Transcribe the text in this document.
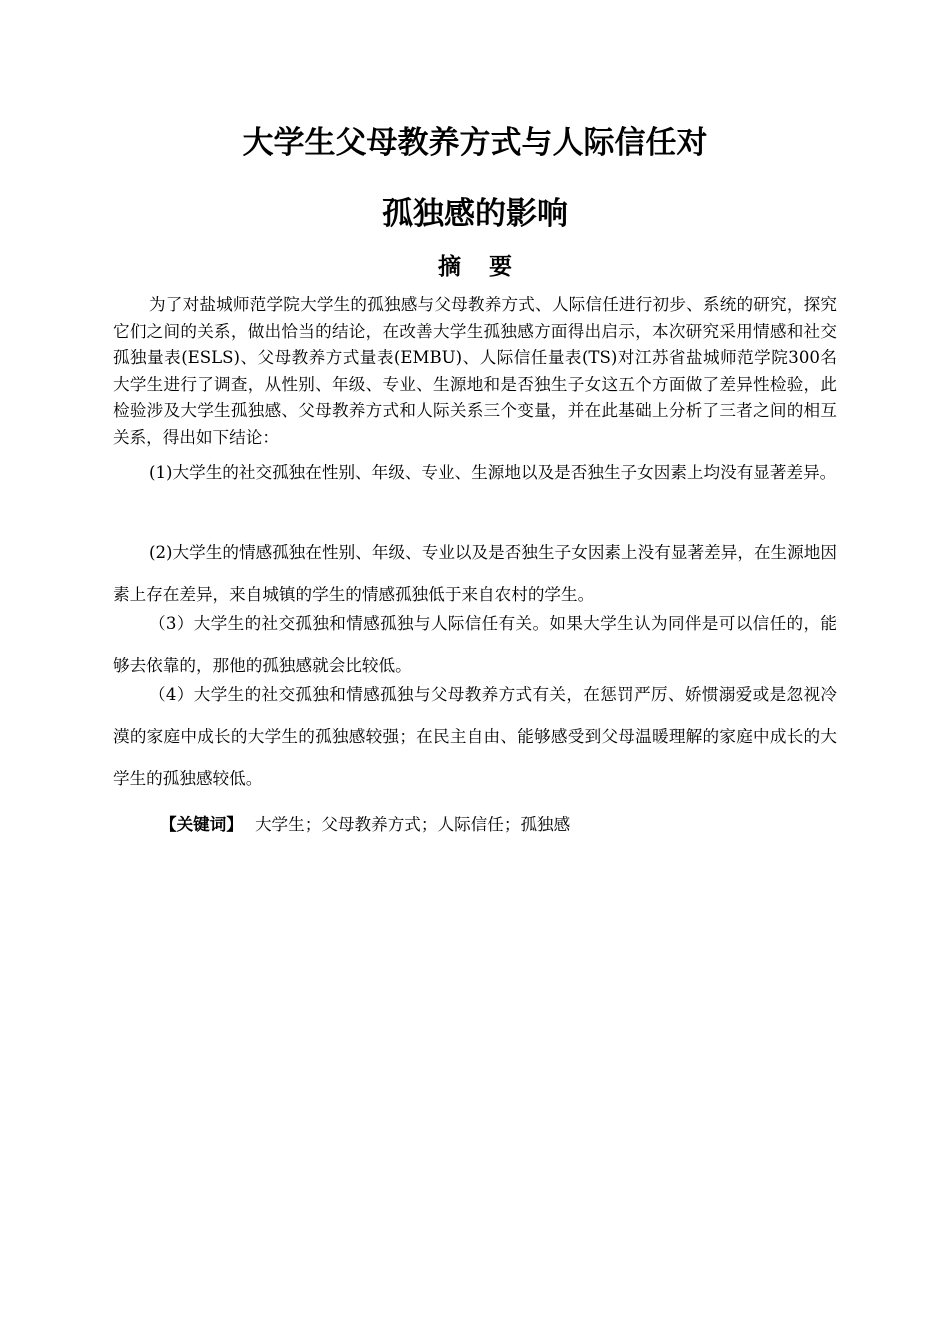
大学生父母教养方式与人际信任对
孤独感的影响
摘 要

为了对盐城师范学院大学生的孤独感与父母教养方式、人际信任进行初步、系统的研究，探究它们之间的关系，做出恰当的结论，在改善大学生孤独感方面得出启示，本次研究采用情感和社交孤独量表(ESLS)、父母教养方式量表(EMBU)、人际信任量表(TS)对江苏省盐城师范学院300名大学生进行了调查，从性别、年级、专业、生源地和是否独生子女这五个方面做了差异性检验，此检验涉及大学生孤独感、父母教养方式和人际关系三个变量，并在此基础上分析了三者之间的相互关系，得出如下结论：

(1)大学生的社交孤独在性别、年级、专业、生源地以及是否独生子女因素上均没有显著差异。

(2)大学生的情感孤独在性别、年级、专业以及是否独生子女因素上没有显著差异，在生源地因素上存在差异，来自城镇的学生的情感孤独低于来自农村的学生。

（3）大学生的社交孤独和情感孤独与人际信任有关。如果大学生认为同伴是可以信任的，能够去依靠的，那他的孤独感就会比较低。

（4）大学生的社交孤独和情感孤独与父母教养方式有关，在惩罚严厉、娇惯溺爱或是忽视冷漠的家庭中成长的大学生的孤独感较强；在民主自由、能够感受到父母温暖理解的家庭中成长的大学生的孤独感较低。

【关键词】 大学生；父母教养方式；人际信任；孤独感
